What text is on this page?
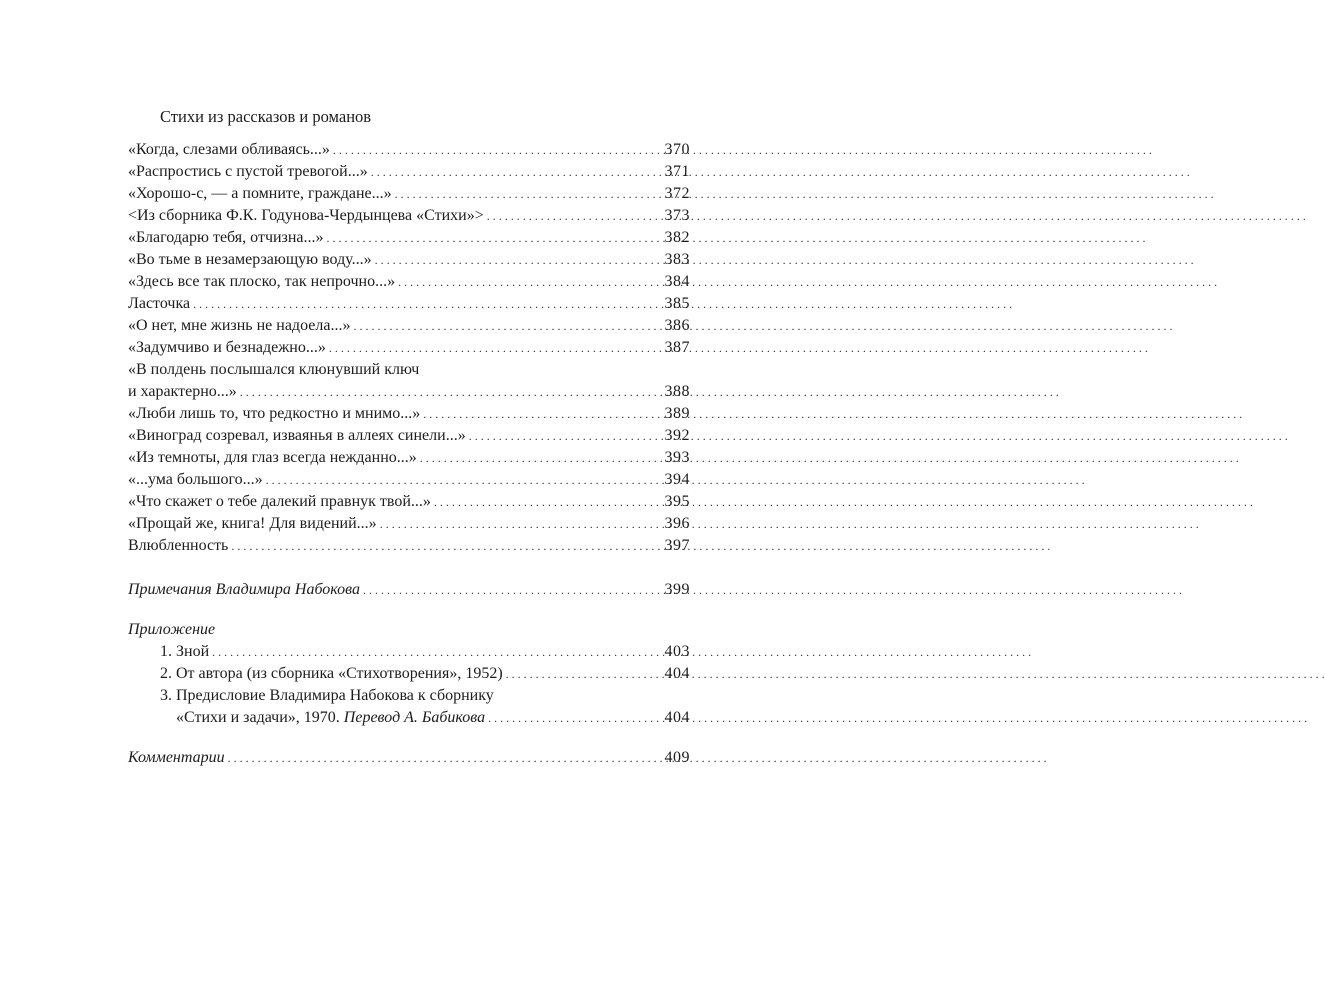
Стихи из рассказов и романов
«Когда, слезами обливаясь...» . . .	370
«Распростись с пустой тревогой...» . . .	371
«Хорошо-с, — а помните, граждане...» . . .	372
<Из сборника Ф.К. Годунова-Чердынцева «Стихи»> . . .	373
«Благодарю тебя, отчизна...» . . .	382
«Во тьме в незамерзающую воду...» . . .	383
«Здесь все так плоско, так непрочно...» . . .	384
Ласточка . . .	385
«О нет, мне жизнь не надоела...» . . .	386
«Задумчиво и безнадежно...» . . .	387
«В полдень послышался клюнувший ключ
и характерно...» . . .	388
«Люби лишь то, что редкостно и мнимо...» . . .	389
«Виноград созревал, изваянья в аллеях синели...» . . .	392
«Из темноты, для глаз всегда нежданно...» . . .	393
«...ума большого...» . . .	394
«Что скажет о тебе далекий правнук твой...» . . .	395
«Прощай же, книга! Для видений...» . . .	396
Влюбленность . . .	397
Примечания Владимира Набокова . . .	399
Приложение
1. Зной . . .	403
2. От автора (из сборника «Стихотворения», 1952) . . .	404
3. Предисловие Владимира Набокова к сборнику
«Стихи и задачи», 1970. Перевод А. Бабикова . . .	404
Комментарии . . .	409
